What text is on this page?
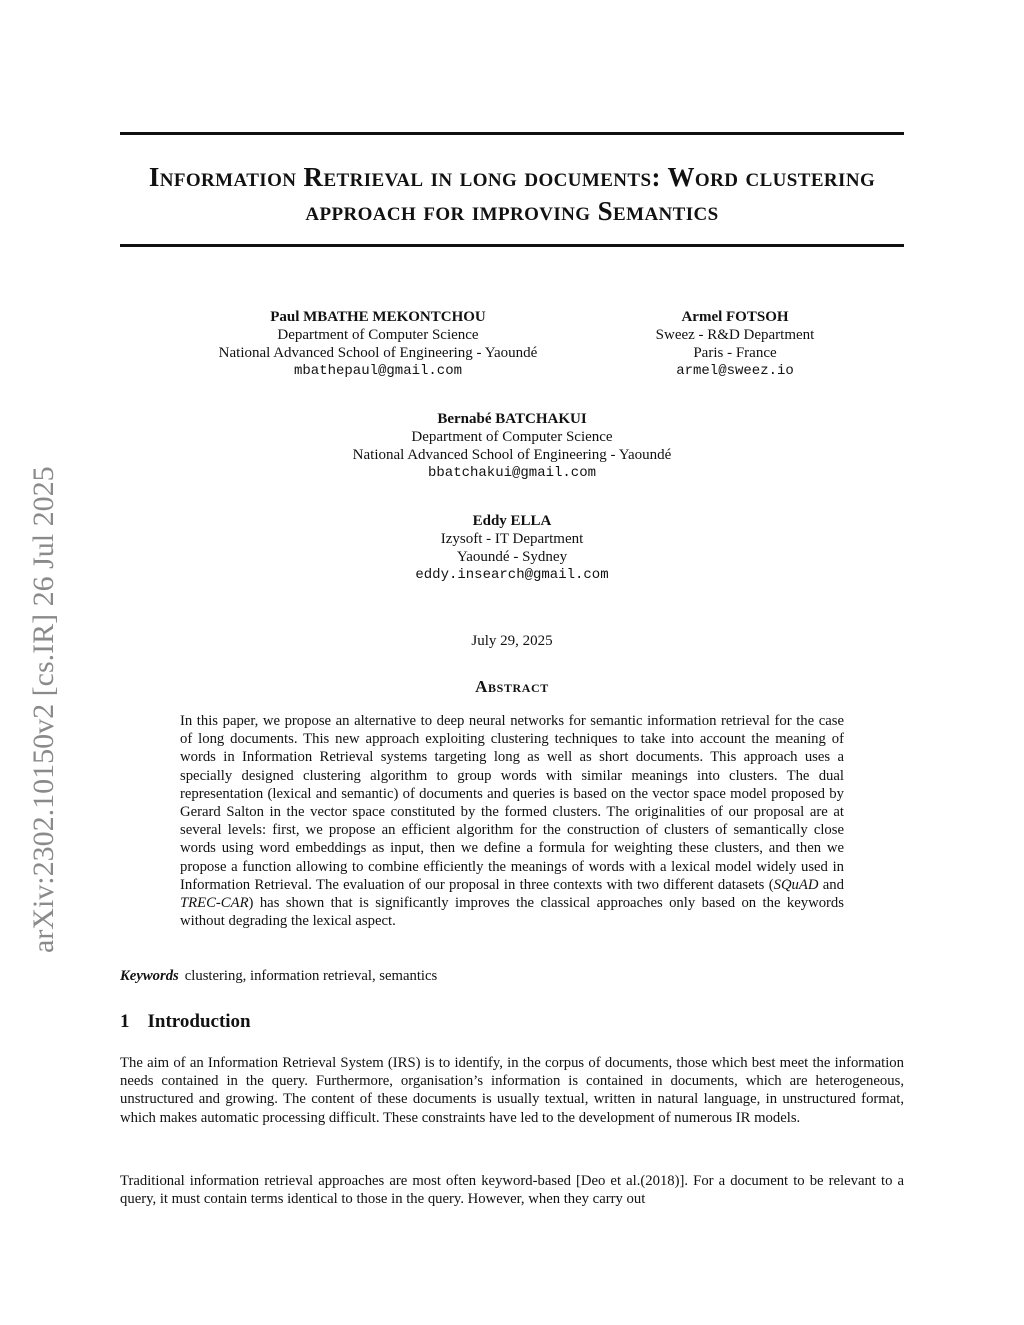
Information Retrieval in long documents: Word clustering approach for improving Semantics
arXiv:2302.10150v2 [cs.IR] 26 Jul 2025
Paul MBATHE MEKONTCHOU
Department of Computer Science
National Advanced School of Engineering - Yaoundé
mbathepaul@gmail.com
Armel FOTSOH
Sweez - R&D Department
Paris - France
armel@sweez.io
Bernabé BATCHAKUI
Department of Computer Science
National Advanced School of Engineering - Yaoundé
bbatchakui@gmail.com
Eddy ELLA
Izysoft - IT Department
Yaoundé - Sydney
eddy.insearch@gmail.com
July 29, 2025
Abstract

In this paper, we propose an alternative to deep neural networks for semantic information retrieval for the case of long documents. This new approach exploiting clustering techniques to take into account the meaning of words in Information Retrieval systems targeting long as well as short documents. This approach uses a specially designed clustering algorithm to group words with similar meanings into clusters. The dual representation (lexical and semantic) of documents and queries is based on the vector space model proposed by Gerard Salton in the vector space constituted by the formed clusters. The originalities of our proposal are at several levels: first, we propose an efficient algorithm for the construction of clusters of semantically close words using word embeddings as input, then we define a formula for weighting these clusters, and then we propose a function allowing to combine efficiently the meanings of words with a lexical model widely used in Information Retrieval. The evaluation of our proposal in three contexts with two different datasets (SQuAD and TREC-CAR) has shown that is significantly improves the classical approaches only based on the keywords without degrading the lexical aspect.

Keywords clustering, information retrieval, semantics
1 Introduction

The aim of an Information Retrieval System (IRS) is to identify, in the corpus of documents, those which best meet the information needs contained in the query. Furthermore, organisation’s information is contained in documents, which are heterogeneous, unstructured and growing. The content of these documents is usually textual, written in natural language, in unstructured format, which makes automatic processing difficult. These constraints have led to the development of numerous IR models.

Traditional information retrieval approaches are most often keyword-based [Deo et al.(2018)]. For a document to be relevant to a query, it must contain terms identical to those in the query. However, when they carry out
